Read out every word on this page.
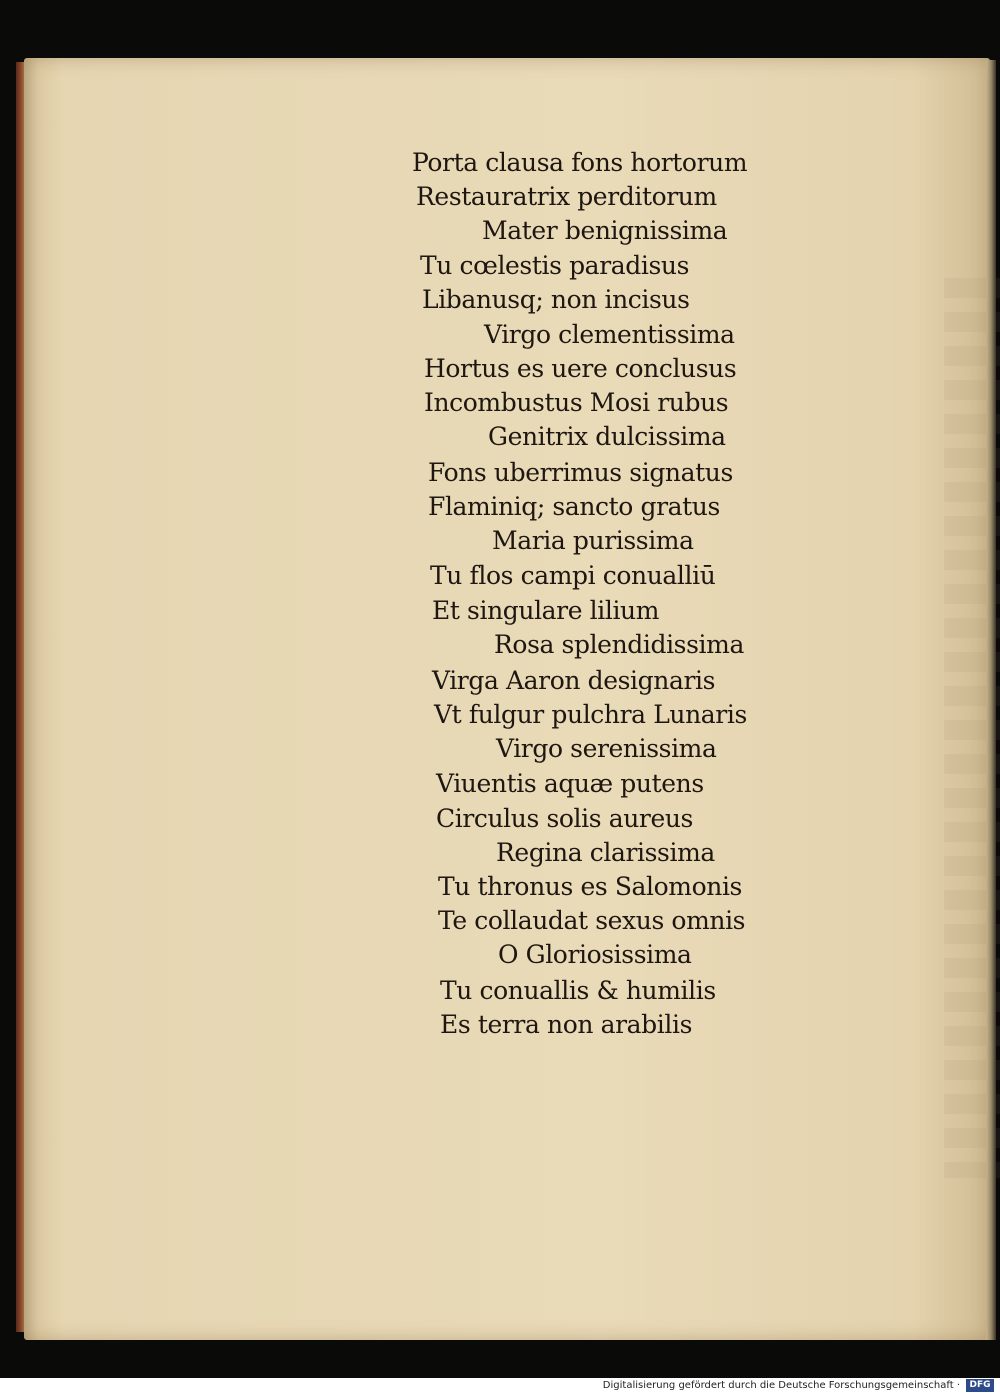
Porta clausa fons hortorum
Restauratrix perditorum
Mater benignissima
Tu cœlestis paradisus
Libanusq; non incisus
Virgo clementissima
Hortus es uere conclusus
Incombustus Mosi rubus
Genitrix dulcissima
Fons uberrimus signatus
Flaminiq; sancto gratus
Maria purissima
Tu flos campi conualliū
Et singulare lilium
Rosa splendidissima
Virga Aaron designaris
Vt fulgur pulchra Lunaris
Virgo serenissima
Viuentis aquæ putens
Circulus solis aureus
Regina clarissima
Tu thronus es Salomonis
Te collaudat sexus omnis
O Gloriosissima
Tu conuallis & humilis
Es terra non arabilis
Digitalisierung gefördert durch die Deutsche Forschungsgemeinschaft ·	DFG
